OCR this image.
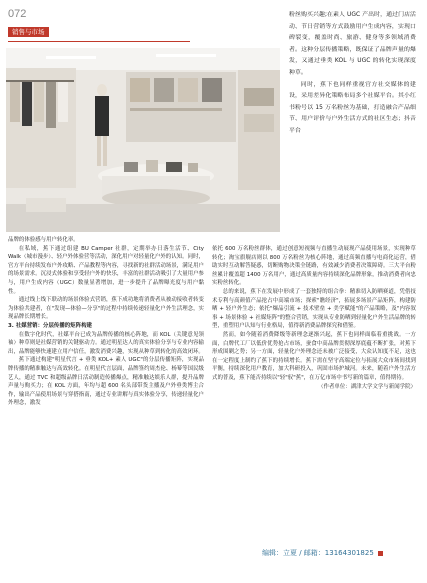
072
销售与市场

粉丝购买兴趣;在素人 UGC 产出时，通过门店活动、节日营销等方式鼓励用户生成内容，实现口碑裂变，覆盖时尚、旅游、健身等多领域消费者。这种分层传播策略，既保证了品牌声量的爆发，又通过垂类 KOL 与 UGC 的转化实现深度种草。

同时，蕉下也同样重视官方社交媒体的建设，采用差异化策略布局多个社媒平台。其小红书粉号以 15 万名粉丝为基础，打造融合产品细节、用户评价与户外生活方式的社区生态；抖音平台

品牌的体验感与用户转化率。

在私域，蕉下通过组建 BU Camper 社群，定期举办日落生活节、City Walk（城市漫步）、轻户外体验营等活动，深化用户对轻量化户外的认知。同时，官方平台持续发布户外攻略、产品教程等内容，寻找新的社群活动场景，满足用户的场景需求。沉浸式体验和享受轻户外的快乐，丰富的社群活动吸引了大量用户参与，用户生成内容（UGC）数量显著增加，进一步提升了品牌曝光度与用户黏性。

通过线上线下联动的场景体验式营销，蕉下成功地将消费者从被动接收者转变为体验共建者，在"发现—体验—分享"的过程中持续传递轻量化户外生活理念，实现品牌长期增长。

3. 社媒营销：分层传播的矩阵构建

在数字化时代，社媒平台已成为品牌传播的核心阵地，而 KOL（关键意见领袖）种草则是社媒营销的关键驱动力。通过明星达人的真实体验分享与专业内容输出，品牌能够快速建立用户信任，激发消费兴趣，实现从种草到转化的高效闭环。

蕉下通过构建"明星代言 + 垂类 KOL+ 素人 UGC"的分层传播矩阵，实现品牌传播的精准触达与高效转化。在明星代言层面，品牌签约周杰伦、杨幂等国民级艺人，通过 TVC 和超级品牌日活动制造传播爆点，精准触达娱乐人群，提升品牌声量与购买力；在 KOL 方面，年均与超 600 名头部带货主播及户外垂类博主合作，输出产品使用场景与穿搭指南，通过专业讲解与真实体验分享，传递轻量化户外理念，激发

依托 600 万名粉丝群体，通过创意短视频与直播生动展现产品使用场景，实现种草转化；淘宝旗舰店则以 800 万名粉丝为核心阵地，通过高频直播与电商化运营，借助实时互动解答疑惑，切断购物决策全链路，有效减少消费者决策障碍。三大平台粉丝累计覆盖超 1400 万名用户，通过高质量内容持续深化品牌形象，推动消费者向忠实粉丝转化。

总的来说，蕉下在发展中形成了一套独特的组合拳：精准切入防晒赛道，凭借技术专利与高颜值产品抢占中高端市场；探索"瞧经济"，拓展多场景产品矩阵，构建防晒 + 轻户外生态；依托"爆品引流 + 技术壁垒 + 美学赋能"的产品策略，及"内容叙事 + 场景体验 + 社媒矩阵"的整合营销，实现从专业防晒到轻量化户外生活品牌的转型，重塑用户认知与行业格局，值得新消费品牌探究和借鉴。

然而，如今随着消费降级等新理念逐渐兴起，蕉下也同样面临着重挑战。一方面，白牌代工厂以低价优势抢占市场，蚕食中高品牌贯彻深厚底蕴不断扩张，对蕉下形成围剿之势；另一方面，轻量化户外理念还未被广泛接受，大众认知度不足，这也在一定程度上制约了蕉下的持续增长。蕉下需在坚守高端定位与拓展大众市场间找到平衡，持续深化用户教育，加大科研投入，巩固市场护城河。未来，随着户外生活方式的普及，蕉下能否持续以"轻"驭"蕉"，在万亿市场中书写新的篇章，值得期待。

（作者单位：湖津大学文学与新闻学院）

编辑：立夏 / 邮箱：13164301825
